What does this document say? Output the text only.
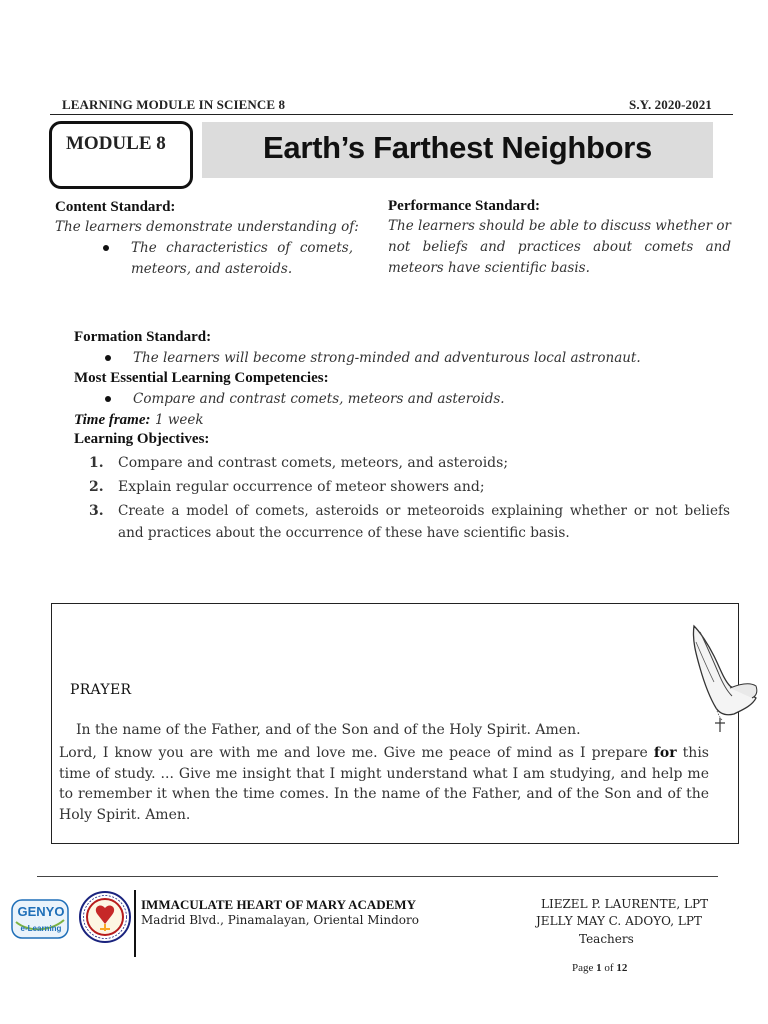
LEARNING MODULE IN SCIENCE 8	S.Y. 2020-2021
MODULE 8	Earth’s Farthest Neighbors
Content Standard:
The learners demonstrate understanding of:
The characteristics of comets, meteors, and asteroids.
Performance Standard:
The learners should be able to discuss whether or not beliefs and practices about comets and meteors have scientific basis.
Formation Standard:
The learners will become strong-minded and adventurous local astronaut.
Most Essential Learning Competencies:
Compare and contrast comets, meteors and asteroids.
Time frame: 1 week
Learning Objectives:
1. Compare and contrast comets, meteors, and asteroids;
2. Explain regular occurrence of meteor showers and;
3. Create a model of comets, asteroids or meteoroids explaining whether or not beliefs and practices about the occurrence of these have scientific basis.
PRAYER
In the name of the Father, and of the Son and of the Holy Spirit. Amen.
Lord, I know you are with me and love me. Give me peace of mind as I prepare for this time of study. ... Give me insight that I might understand what I am studying, and help me to remember it when the time comes. In the name of the Father, and of the Son and of the Holy Spirit. Amen.
GENYO
e-Learning
IMMACULATE HEART OF MARY ACADEMY
Madrid Blvd., Pinamalayan, Oriental Mindoro
LIEZEL P. LAURENTE, LPT
JELLY MAY C. ADOYO, LPT
Teachers
Page 1 of 12
